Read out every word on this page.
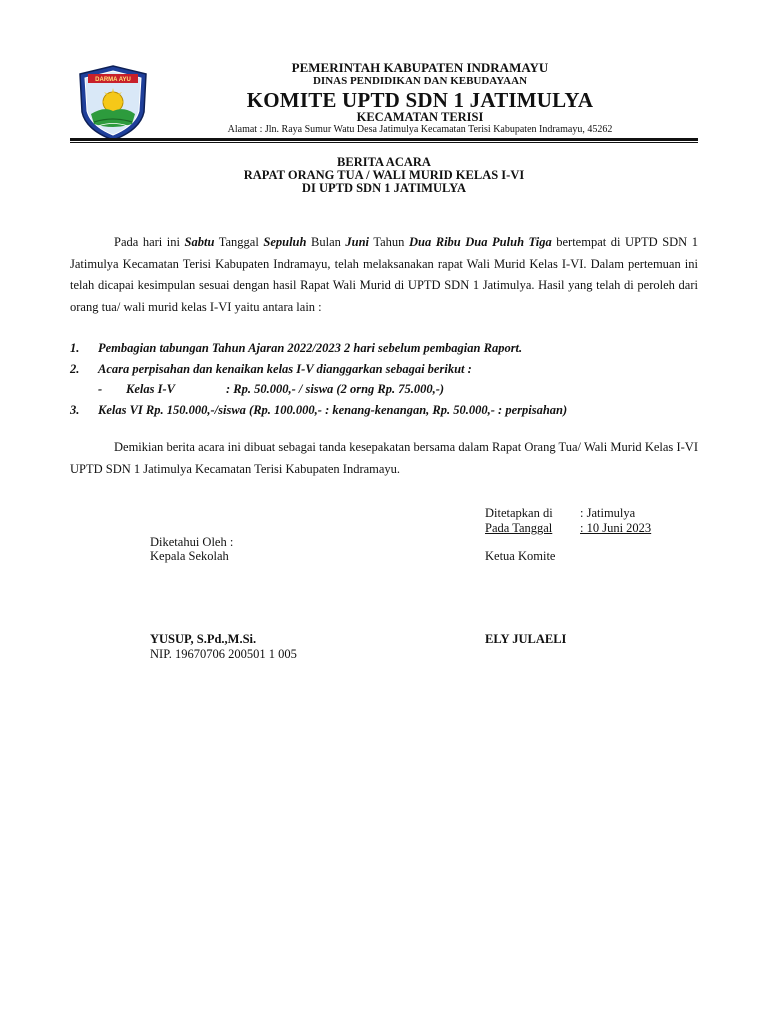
DARMA AYU
PEMERINTAH KABUPATEN INDRAMAYU
DINAS PENDIDIKAN DAN KEBUDAYAAN
KOMITE UPTD SDN 1 JATIMULYA
KECAMATAN TERISI
Alamat : Jln. Raya Sumur Watu Desa Jatimulya Kecamatan Terisi Kabupaten Indramayu, 45262
BERITA ACARA
RAPAT ORANG TUA / WALI MURID KELAS I-VI
DI UPTD SDN 1 JATIMULYA
Pada hari ini Sabtu Tanggal Sepuluh Bulan Juni Tahun Dua Ribu Dua Puluh Tiga bertempat di UPTD SDN 1 Jatimulya Kecamatan Terisi Kabupaten Indramayu, telah melaksanakan rapat Wali Murid Kelas I-VI. Dalam pertemuan ini telah dicapai kesimpulan sesuai dengan hasil Rapat Wali Murid di UPTD SDN 1 Jatimulya. Hasil yang telah di peroleh dari orang tua/ wali murid kelas I-VI yaitu antara lain :
1. Pembagian tabungan Tahun Ajaran 2022/2023 2 hari sebelum pembagian Raport.
2. Acara perpisahan dan kenaikan kelas I-V dianggarkan sebagai berikut :
- Kelas I-V	: Rp. 50.000,- / siswa (2 orng Rp. 75.000,-)
3. Kelas VI Rp. 150.000,-/siswa (Rp. 100.000,- : kenang-kenangan, Rp. 50.000,- : perpisahan)
Demikian berita acara ini dibuat sebagai tanda kesepakatan bersama dalam Rapat Orang Tua/ Wali Murid Kelas I-VI UPTD SDN 1 Jatimulya Kecamatan Terisi Kabupaten Indramayu.
Ditetapkan di : Jatimulya
Pada Tanggal	: 10 Juni 2023
Diketahui Oleh :
Kepala Sekolah	Ketua Komite
YUSUP, S.Pd.,M.Si.	ELY JULAELI
NIP. 19670706 200501 1 005
